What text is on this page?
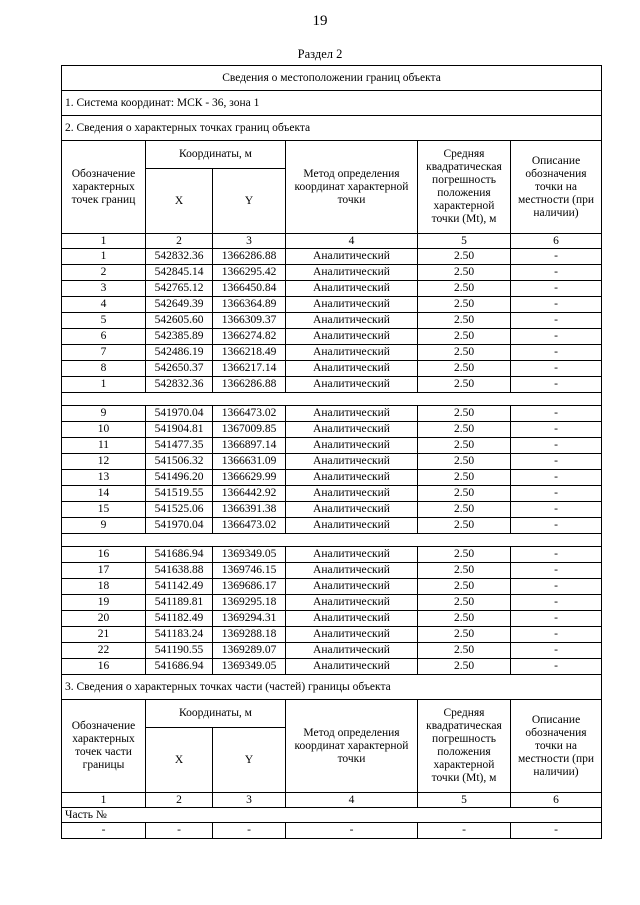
19
Раздел 2
Сведения о местоположении границ объекта					
1. Система координат: МСК - 36, зона 1					
2. Сведения о характерных точках границ объекта					
Обозначение характерных точек границ	Координаты, м		Метод определения координат характерной точки	Средняя квадратическая погрешность положения характерной точки (Mt), м	Описание обозначения точки на местности (при наличии)
	X	Y			
1	2	3	4	5	6
1	542832.36	1366286.88	Аналитический	2.50	-
2	542845.14	1366295.42	Аналитический	2.50	-
3	542765.12	1366450.84	Аналитический	2.50	-
4	542649.39	1366364.89	Аналитический	2.50	-
5	542605.60	1366309.37	Аналитический	2.50	-
6	542385.89	1366274.82	Аналитический	2.50	-
7	542486.19	1366218.49	Аналитический	2.50	-
8	542650.37	1366217.14	Аналитический	2.50	-
1	542832.36	1366286.88	Аналитический	2.50	-

9	541970.04	1366473.02	Аналитический	2.50	-
10	541904.81	1367009.85	Аналитический	2.50	-
11	541477.35	1366897.14	Аналитический	2.50	-
12	541506.32	1366631.09	Аналитический	2.50	-
13	541496.20	1366629.99	Аналитический	2.50	-
14	541519.55	1366442.92	Аналитический	2.50	-
15	541525.06	1366391.38	Аналитический	2.50	-
9	541970.04	1366473.02	Аналитический	2.50	-

16	541686.94	1369349.05	Аналитический	2.50	-
17	541638.88	1369746.15	Аналитический	2.50	-
18	541142.49	1369686.17	Аналитический	2.50	-
19	541189.81	1369295.18	Аналитический	2.50	-
20	541182.49	1369294.31	Аналитический	2.50	-
21	541183.24	1369288.18	Аналитический	2.50	-
22	541190.55	1369289.07	Аналитический	2.50	-
16	541686.94	1369349.05	Аналитический	2.50	-
3. Сведения о характерных точках части (частей) границы объекта					
Обозначение характерных точек части границы	Координаты, м		Метод определения координат характерной точки	Средняя квадратическая погрешность положения характерной точки (Mt), м	Описание обозначения точки на местности (при наличии)
	X	Y			
1	2	3	4	5	6
Часть №					
-	-	-	-	-	-
